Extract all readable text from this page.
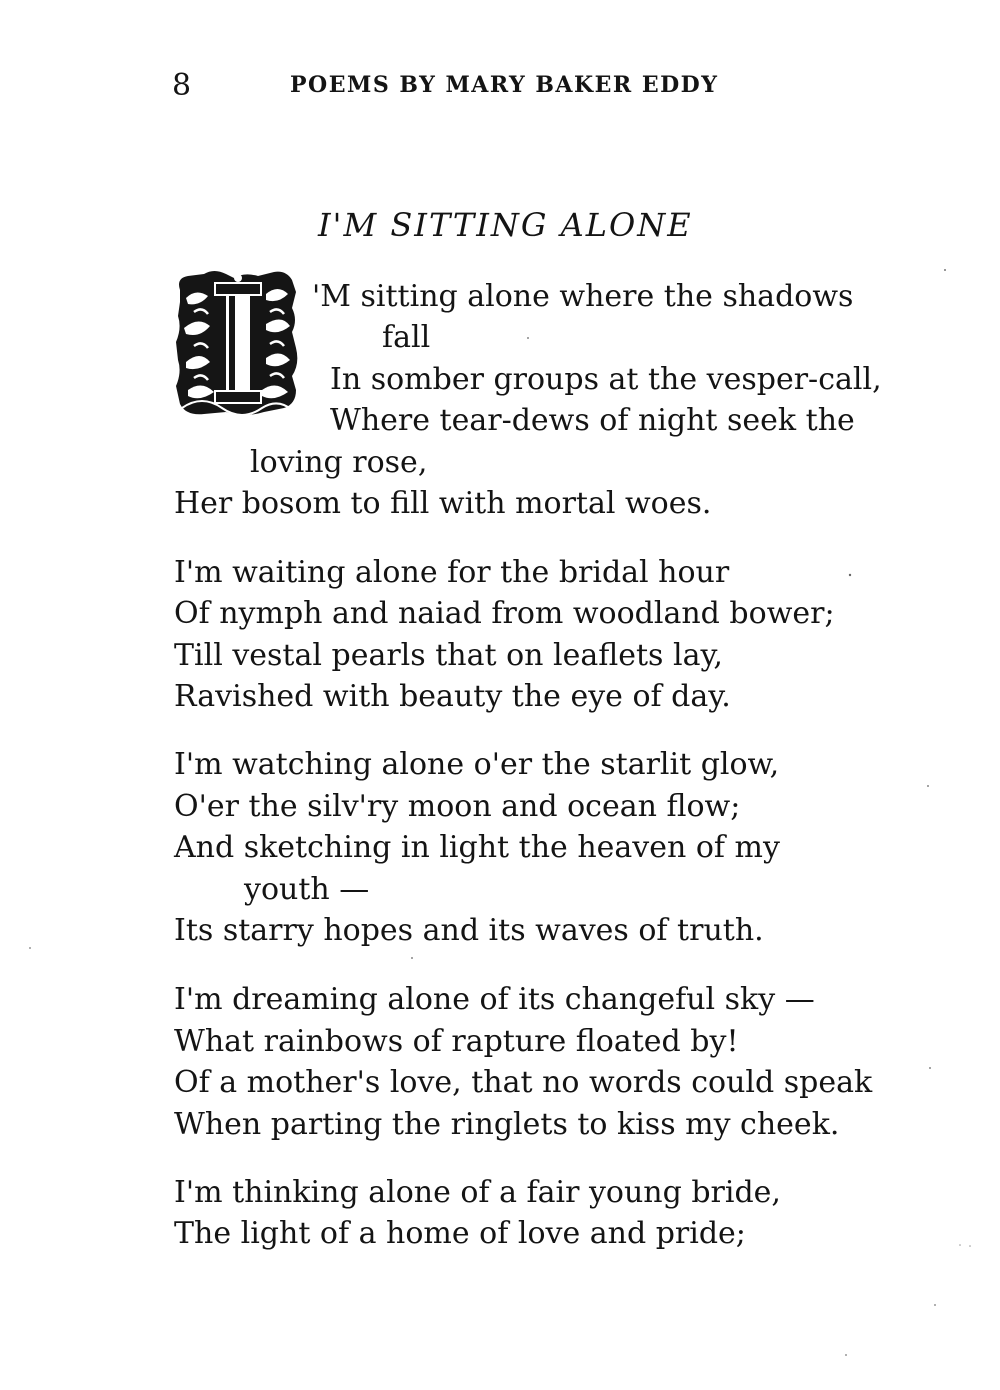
8	POEMS BY MARY BAKER EDDY
I'M SITTING ALONE
'M sitting alone where the shadows
fall
In somber groups at the vesper-call,
Where tear-dews of night seek the
loving rose,
Her bosom to fill with mortal woes.
I'm waiting alone for the bridal hour
Of nymph and naiad from woodland bower;
Till vestal pearls that on leaflets lay,
Ravished with beauty the eye of day.
I'm watching alone o'er the starlit glow,
O'er the silv'ry moon and ocean flow;
And sketching in light the heaven of my
youth —
Its starry hopes and its waves of truth.
I'm dreaming alone of its changeful sky —
What rainbows of rapture floated by!
Of a mother's love, that no words could speak
When parting the ringlets to kiss my cheek.
I'm thinking alone of a fair young bride,
The light of a home of love and pride;
